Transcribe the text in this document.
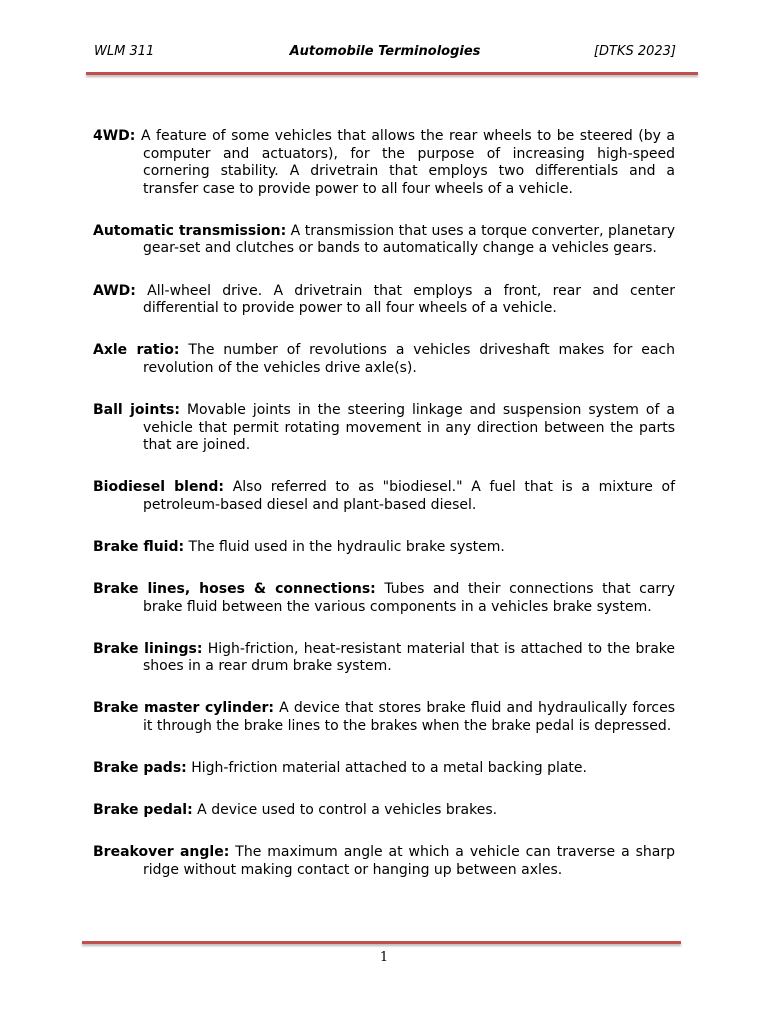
WLM 311	Automobile Terminologies	[DTKS 2023]

4WD: A feature of some vehicles that allows the rear wheels to be steered (by a computer and actuators), for the purpose of increasing high-speed cornering stability. A drivetrain that employs two differentials and a transfer case to provide power to all four wheels of a vehicle.

Automatic transmission: A transmission that uses a torque converter, planetary gear-set and clutches or bands to automatically change a vehicles gears.

AWD: All-wheel drive. A drivetrain that employs a front, rear and center differential to provide power to all four wheels of a vehicle.

Axle ratio: The number of revolutions a vehicles driveshaft makes for each revolution of the vehicles drive axle(s).

Ball joints: Movable joints in the steering linkage and suspension system of a vehicle that permit rotating movement in any direction between the parts that are joined.

Biodiesel blend: Also referred to as "biodiesel." A fuel that is a mixture of petroleum-based diesel and plant-based diesel.

Brake fluid: The fluid used in the hydraulic brake system.

Brake lines, hoses & connections: Tubes and their connections that carry brake fluid between the various components in a vehicles brake system.

Brake linings: High-friction, heat-resistant material that is attached to the brake shoes in a rear drum brake system.

Brake master cylinder: A device that stores brake fluid and hydraulically forces it through the brake lines to the brakes when the brake pedal is depressed.

Brake pads: High-friction material attached to a metal backing plate.

Brake pedal: A device used to control a vehicles brakes.

Breakover angle: The maximum angle at which a vehicle can traverse a sharp ridge without making contact or hanging up between axles.

1
